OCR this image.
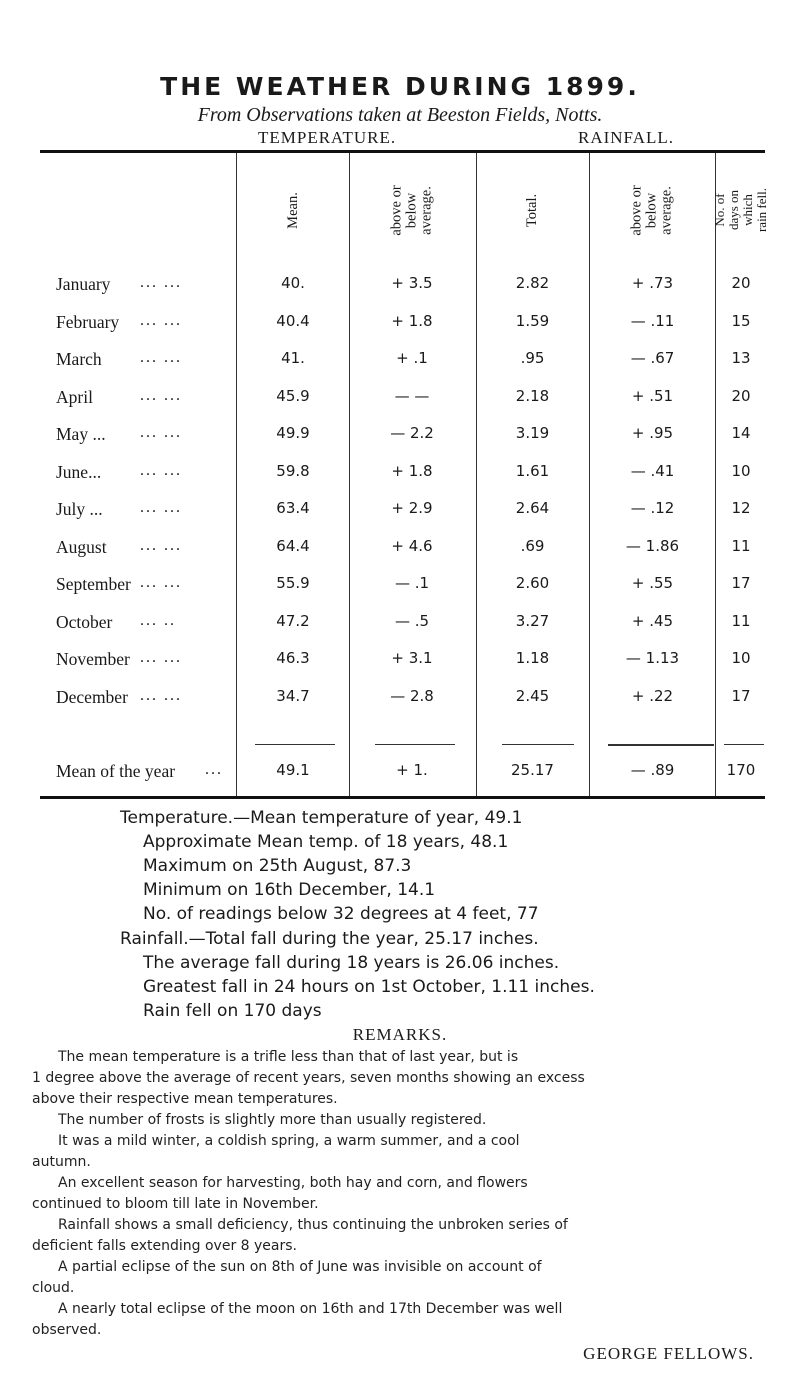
THE WEATHER DURING 1899.
From Observations taken at Beeston Fields, Notts.
TEMPERATURE.	RAINFALL.
Mean.	above or
below
average.	Total.	above or
below
average.	No. of
days on
which
rain fell.
January ... ...	40.	+ 3.5	2.82	+ .73	20
February ... ...	40.4	+ 1.8	1.59	— .11	15
March ... ...	41.	+ .1	.95	— .67	13
April	... ...	45.9	— —	2.18	+ .51	20
May ... ... ...	49.9	— 2.2	3.19	+ .95	14
June... ... ...	59.8	+ 1.8	1.61	— .41	10
July ... ... ...	63.4	+ 2.9	2.64	— .12	12
August ... ...	64.4	+ 4.6	.69	— 1.86	11
September ... ...	55.9	— .1	2.60	+ .55	17
October ... ..	47.2	— .5	3.27	+ .45	11
November ... ...	46.3	+ 3.1	1.18	— 1.13	10
December ... ...	34.7	— 2.8	2.45	+ .22	17
Mean of the year ...	49.1	+ 1.	25.17	— .89	170
Temperature.—Mean temperature of year, 49.1
Approximate Mean temp. of 18 years, 48.1
Maximum on 25th August, 87.3
Minimum on 16th December, 14.1
No. of readings below 32 degrees at 4 feet, 77
Rainfall.—Total fall during the year, 25.17 inches.
The average fall during 18 years is 26.06 inches.
Greatest fall in 24 hours on 1st October, 1.11 inches.
Rain fell on 170 days
REMARKS.
The mean temperature is a trifle less than that of last year, but is
1 degree above the average of recent years, seven months showing an excess
above their respective mean temperatures.
The number of frosts is slightly more than usually registered.
It was a mild winter, a coldish spring, a warm summer, and a cool
autumn.
An excellent season for harvesting, both hay and corn, and flowers
continued to bloom till late in November.
Rainfall shows a small deficiency, thus continuing the unbroken series of
deficient falls extending over 8 years.
A partial eclipse of the sun on 8th of June was invisible on account of
cloud.
A nearly total eclipse of the moon on 16th and 17th December was well
observed.
GEORGE FELLOWS.
